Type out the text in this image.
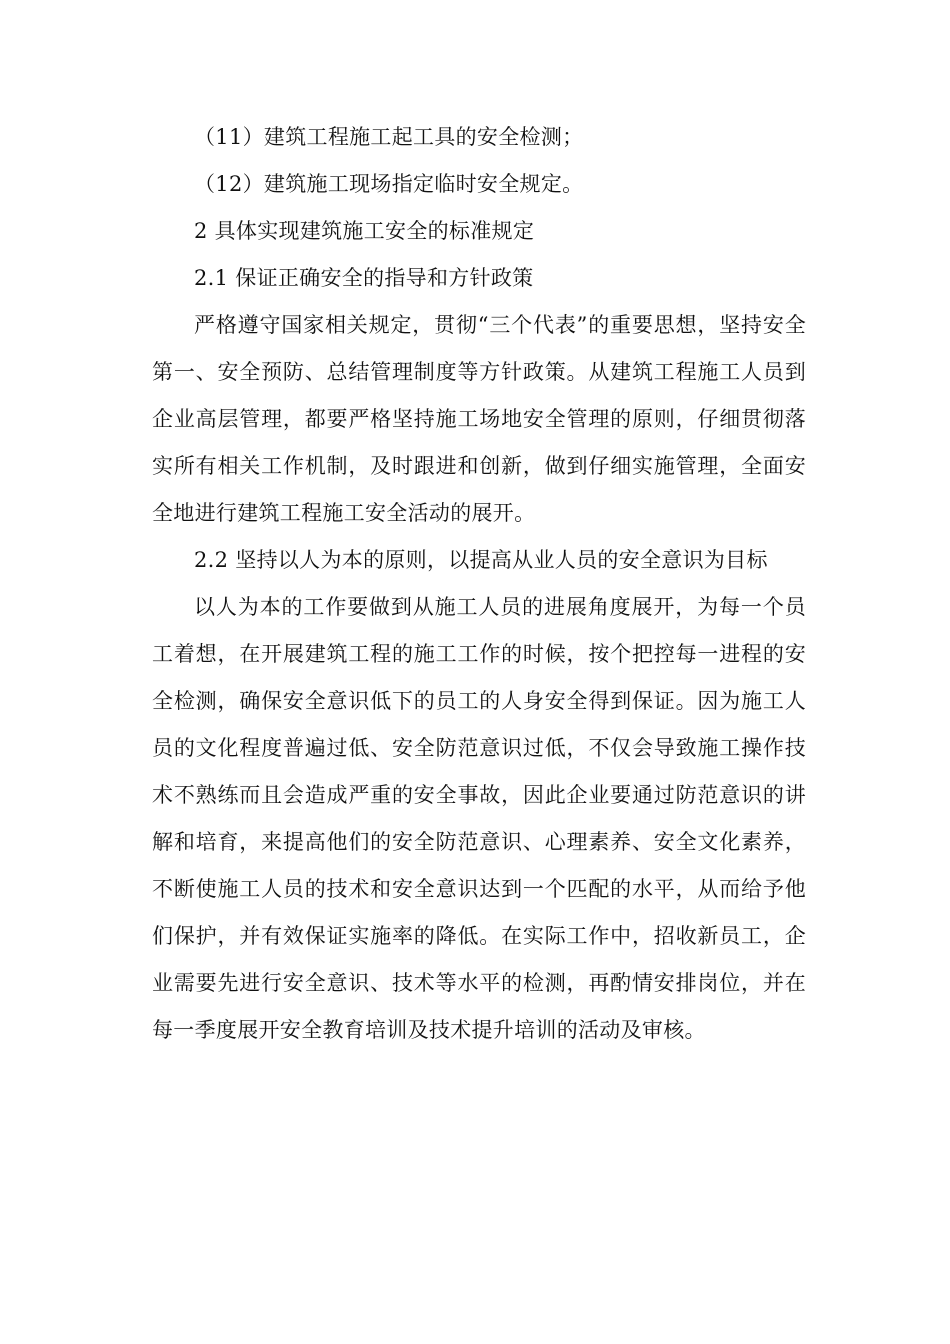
（11）建筑工程施工起工具的安全检测；

（12）建筑施工现场指定临时安全规定。

2 具体实现建筑施工安全的标准规定

2.1 保证正确安全的指导和方针政策

严格遵守国家相关规定，贯彻“三个代表”的重要思想，坚持安全第一、安全预防、总结管理制度等方针政策。从建筑工程施工人员到企业高层管理，都要严格坚持施工场地安全管理的原则，仔细贯彻落实所有相关工作机制，及时跟进和创新，做到仔细实施管理，全面安全地进行建筑工程施工安全活动的展开。

2.2 坚持以人为本的原则，以提高从业人员的安全意识为目标

以人为本的工作要做到从施工人员的进展角度展开，为每一个员工着想，在开展建筑工程的施工工作的时候，按个把控每一进程的安全检测，确保安全意识低下的员工的人身安全得到保证。因为施工人员的文化程度普遍过低、安全防范意识过低，不仅会导致施工操作技术不熟练而且会造成严重的安全事故，因此企业要通过防范意识的讲解和培育，来提高他们的安全防范意识、心理素养、安全文化素养，不断使施工人员的技术和安全意识达到一个匹配的水平，从而给予他们保护，并有效保证实施率的降低。在实际工作中，招收新员工，企业需要先进行安全意识、技术等水平的检测，再酌情安排岗位，并在每一季度展开安全教育培训及技术提升培训的活动及审核。
